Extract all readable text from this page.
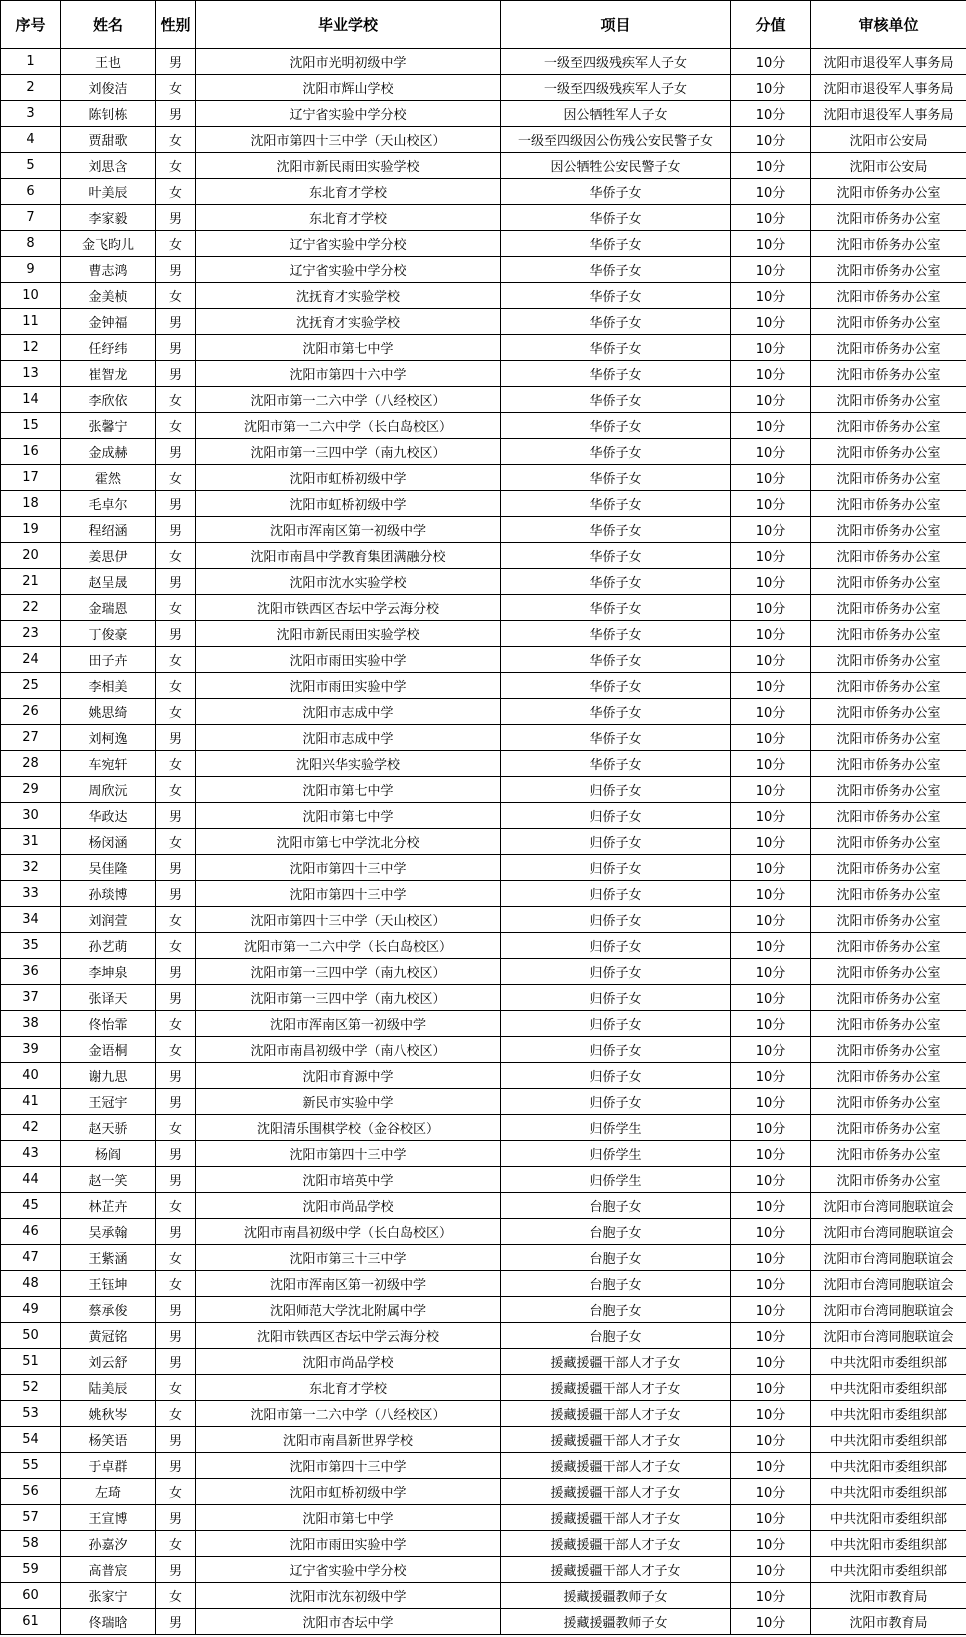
序号	姓名	性别	毕业学校	项目	分值	审核单位
1	王也	男	沈阳市光明初级中学	一级至四级残疾军人子女	10分	沈阳市退役军人事务局
2	刘俊洁	女	沈阳市辉山学校	一级至四级残疾军人子女	10分	沈阳市退役军人事务局
3	陈钊栋	男	辽宁省实验中学分校	因公牺牲军人子女	10分	沈阳市退役军人事务局
4	贾甜歌	女	沈阳市第四十三中学（天山校区）	一级至四级因公伤残公安民警子女	10分	沈阳市公安局
5	刘思含	女	沈阳市新民雨田实验学校	因公牺牲公安民警子女	10分	沈阳市公安局
6	叶美辰	女	东北育才学校	华侨子女	10分	沈阳市侨务办公室
7	李家毅	男	东北育才学校	华侨子女	10分	沈阳市侨务办公室
8	金飞昀儿	女	辽宁省实验中学分校	华侨子女	10分	沈阳市侨务办公室
9	曹志鸿	男	辽宁省实验中学分校	华侨子女	10分	沈阳市侨务办公室
10	金美桢	女	沈抚育才实验学校	华侨子女	10分	沈阳市侨务办公室
11	金钟福	男	沈抚育才实验学校	华侨子女	10分	沈阳市侨务办公室
12	任纾纬	男	沈阳市第七中学	华侨子女	10分	沈阳市侨务办公室
13	崔智龙	男	沈阳市第四十六中学	华侨子女	10分	沈阳市侨务办公室
14	李欣依	女	沈阳市第一二六中学（八经校区）	华侨子女	10分	沈阳市侨务办公室
15	张馨宁	女	沈阳市第一二六中学（长白岛校区）	华侨子女	10分	沈阳市侨务办公室
16	金成赫	男	沈阳市第一三四中学（南九校区）	华侨子女	10分	沈阳市侨务办公室
17	霍然	女	沈阳市虹桥初级中学	华侨子女	10分	沈阳市侨务办公室
18	毛卓尔	男	沈阳市虹桥初级中学	华侨子女	10分	沈阳市侨务办公室
19	程绍涵	男	沈阳市浑南区第一初级中学	华侨子女	10分	沈阳市侨务办公室
20	姜思伊	女	沈阳市南昌中学教育集团满融分校	华侨子女	10分	沈阳市侨务办公室
21	赵呈晟	男	沈阳市沈水实验学校	华侨子女	10分	沈阳市侨务办公室
22	金瑞恩	女	沈阳市铁西区杏坛中学云海分校	华侨子女	10分	沈阳市侨务办公室
23	丁俊豪	男	沈阳市新民雨田实验学校	华侨子女	10分	沈阳市侨务办公室
24	田子卉	女	沈阳市雨田实验中学	华侨子女	10分	沈阳市侨务办公室
25	李相美	女	沈阳市雨田实验中学	华侨子女	10分	沈阳市侨务办公室
26	姚思绮	女	沈阳市志成中学	华侨子女	10分	沈阳市侨务办公室
27	刘柯逸	男	沈阳市志成中学	华侨子女	10分	沈阳市侨务办公室
28	车宛轩	女	沈阳兴华实验学校	华侨子女	10分	沈阳市侨务办公室
29	周欣沅	女	沈阳市第七中学	归侨子女	10分	沈阳市侨务办公室
30	华政达	男	沈阳市第七中学	归侨子女	10分	沈阳市侨务办公室
31	杨闵涵	女	沈阳市第七中学沈北分校	归侨子女	10分	沈阳市侨务办公室
32	吴佳隆	男	沈阳市第四十三中学	归侨子女	10分	沈阳市侨务办公室
33	孙琰博	男	沈阳市第四十三中学	归侨子女	10分	沈阳市侨务办公室
34	刘润萱	女	沈阳市第四十三中学（天山校区）	归侨子女	10分	沈阳市侨务办公室
35	孙艺萌	女	沈阳市第一二六中学（长白岛校区）	归侨子女	10分	沈阳市侨务办公室
36	李坤泉	男	沈阳市第一三四中学（南九校区）	归侨子女	10分	沈阳市侨务办公室
37	张译天	男	沈阳市第一三四中学（南九校区）	归侨子女	10分	沈阳市侨务办公室
38	佟怡霏	女	沈阳市浑南区第一初级中学	归侨子女	10分	沈阳市侨务办公室
39	金语桐	女	沈阳市南昌初级中学（南八校区）	归侨子女	10分	沈阳市侨务办公室
40	谢九思	男	沈阳市育源中学	归侨子女	10分	沈阳市侨务办公室
41	王冠宇	男	新民市实验中学	归侨子女	10分	沈阳市侨务办公室
42	赵天骄	女	沈阳清乐围棋学校（金谷校区）	归侨学生	10分	沈阳市侨务办公室
43	杨阎	男	沈阳市第四十三中学	归侨学生	10分	沈阳市侨务办公室
44	赵一笑	男	沈阳市培英中学	归侨学生	10分	沈阳市侨务办公室
45	林芷卉	女	沈阳市尚品学校	台胞子女	10分	沈阳市台湾同胞联谊会
46	吴承翰	男	沈阳市南昌初级中学（长白岛校区）	台胞子女	10分	沈阳市台湾同胞联谊会
47	王紫涵	女	沈阳市第三十三中学	台胞子女	10分	沈阳市台湾同胞联谊会
48	王钰坤	女	沈阳市浑南区第一初级中学	台胞子女	10分	沈阳市台湾同胞联谊会
49	蔡承俊	男	沈阳师范大学沈北附属中学	台胞子女	10分	沈阳市台湾同胞联谊会
50	黄冠铭	男	沈阳市铁西区杏坛中学云海分校	台胞子女	10分	沈阳市台湾同胞联谊会
51	刘云舒	男	沈阳市尚品学校	援藏援疆干部人才子女	10分	中共沈阳市委组织部
52	陆美辰	女	东北育才学校	援藏援疆干部人才子女	10分	中共沈阳市委组织部
53	姚秋岑	女	沈阳市第一二六中学（八经校区）	援藏援疆干部人才子女	10分	中共沈阳市委组织部
54	杨笑语	男	沈阳市南昌新世界学校	援藏援疆干部人才子女	10分	中共沈阳市委组织部
55	于卓群	男	沈阳市第四十三中学	援藏援疆干部人才子女	10分	中共沈阳市委组织部
56	左琦	女	沈阳市虹桥初级中学	援藏援疆干部人才子女	10分	中共沈阳市委组织部
57	王宣博	男	沈阳市第七中学	援藏援疆干部人才子女	10分	中共沈阳市委组织部
58	孙嘉汐	女	沈阳市雨田实验中学	援藏援疆干部人才子女	10分	中共沈阳市委组织部
59	高普宸	男	辽宁省实验中学分校	援藏援疆干部人才子女	10分	中共沈阳市委组织部
60	张家宁	女	沈阳市沈东初级中学	援藏援疆教师子女	10分	沈阳市教育局
61	佟瑞晗	男	沈阳市杏坛中学	援藏援疆教师子女	10分	沈阳市教育局
